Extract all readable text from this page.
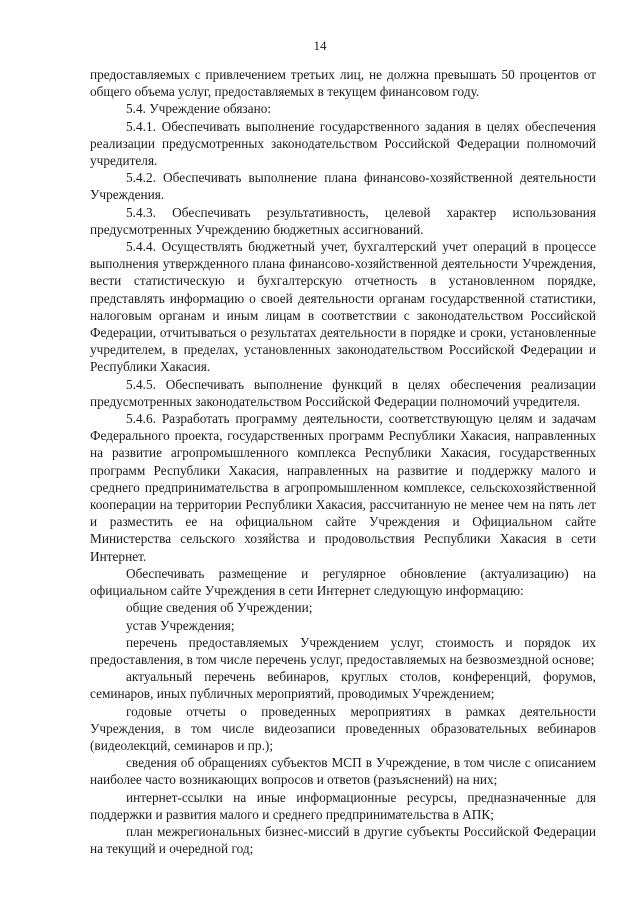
14

предоставляемых с привлечением третьих лиц, не должна превышать 50 процентов от общего объема услуг, предоставляемых в текущем финансовом году.

5.4. Учреждение обязано:

5.4.1. Обеспечивать выполнение государственного задания в целях обеспечения реализации предусмотренных законодательством Российской Федерации полномочий учредителя.

5.4.2. Обеспечивать выполнение плана финансово-хозяйственной деятельности Учреждения.

5.4.3. Обеспечивать результативность, целевой характер использования предусмотренных Учреждению бюджетных ассигнований.

5.4.4. Осуществлять бюджетный учет, бухгалтерский учет операций в процессе выполнения утвержденного плана финансово-хозяйственной деятельности Учреждения, вести статистическую и бухгалтерскую отчетность в установленном порядке, представлять информацию о своей деятельности органам государственной статистики, налоговым органам и иным лицам в соответствии с законодательством Российской Федерации, отчитываться о результатах деятельности в порядке и сроки, установленные учредителем, в пределах, установленных законодательством Российской Федерации и Республики Хакасия.

5.4.5. Обеспечивать выполнение функций в целях обеспечения реализации предусмотренных законодательством Российской Федерации полномочий учредителя.

5.4.6. Разработать программу деятельности, соответствующую целям и задачам Федерального проекта, государственных программ Республики Хакасия, направленных на развитие агропромышленного комплекса Республики Хакасия, государственных программ Республики Хакасия, направленных на развитие и поддержку малого и среднего предпринимательства в агропромышленном комплексе, сельскохозяйственной кооперации на территории Республики Хакасия, рассчитанную не менее чем на пять лет и разместить ее на официальном сайте Учреждения и Официальном сайте Министерства сельского хозяйства и продовольствия Республики Хакасия в сети Интернет.

Обеспечивать размещение и регулярное обновление (актуализацию) на официальном сайте Учреждения в сети Интернет следующую информацию:

общие сведения об Учреждении;

устав Учреждения;

перечень предоставляемых Учреждением услуг, стоимость и порядок их предоставления, в том числе перечень услуг, предоставляемых на безвозмездной основе;

актуальный перечень вебинаров, круглых столов, конференций, форумов, семинаров, иных публичных мероприятий, проводимых Учреждением;

годовые отчеты о проведенных мероприятиях в рамках деятельности Учреждения, в том числе видеозаписи проведенных образовательных вебинаров (видеолекций, семинаров и пр.);

сведения об обращениях субъектов МСП в Учреждение, в том числе с описанием наиболее часто возникающих вопросов и ответов (разъяснений) на них;

интернет-ссылки на иные информационные ресурсы, предназначенные для поддержки и развития малого и среднего предпринимательства в АПК;

план межрегиональных бизнес-миссий в другие субъекты Российской Федерации на текущий и очередной год;
